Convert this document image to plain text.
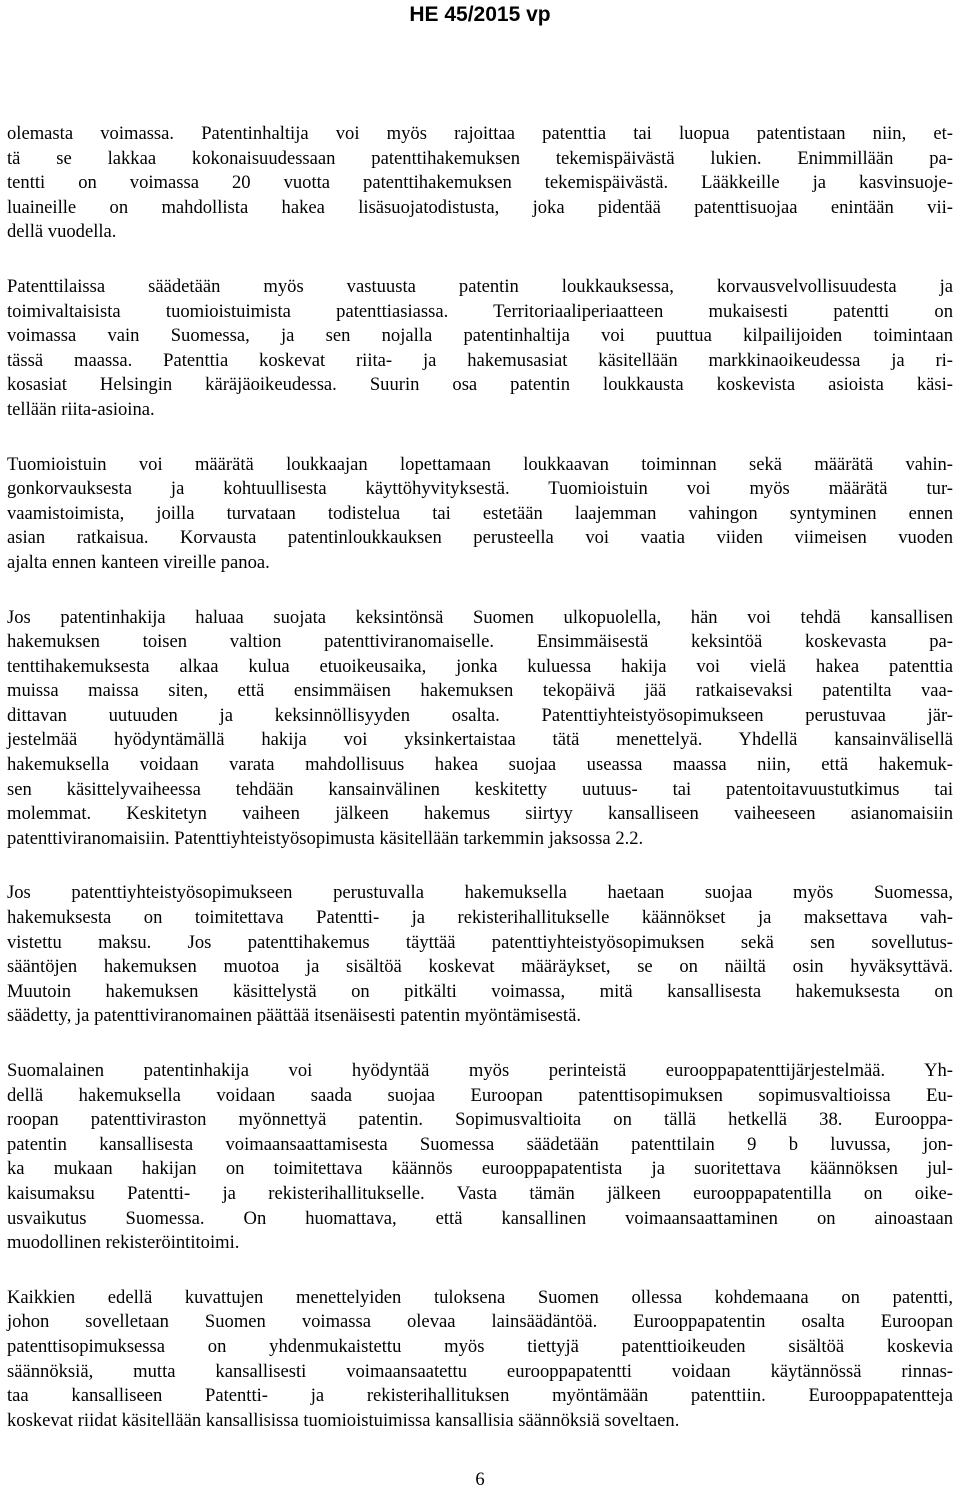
HE 45/2015 vp
olemasta voimassa. Patentinhaltija voi myös rajoittaa patenttia tai luopua patentistaan niin, et-
tä se lakkaa kokonaisuudessaan patenttihakemuksen tekemispäivästä lukien. Enimmillään pa-
tentti on voimassa 20 vuotta patenttihakemuksen tekemispäivästä. Lääkkeille ja kasvinsuoje-
luaineille on mahdollista hakea lisäsuojatodistusta, joka pidentää patenttisuojaa enintään vii-
dellä vuodella.
Patenttilaissa säädetään myös vastuusta patentin loukkauksessa, korvausvelvollisuudesta ja
toimivaltaisista tuomioistuimista patenttiasiassa. Territoriaaliperiaatteen mukaisesti patentti on
voimassa vain Suomessa, ja sen nojalla patentinhaltija voi puuttua kilpailijoiden toimintaan
tässä maassa. Patenttia koskevat riita- ja hakemusasiat käsitellään markkinaoikeudessa ja ri-
kosasiat Helsingin käräjäoikeudessa. Suurin osa patentin loukkausta koskevista asioista käsi-
tellään riita-asioina.
Tuomioistuin voi määrätä loukkaajan lopettamaan loukkaavan toiminnan sekä määrätä vahin-
gonkorvauksesta ja kohtuullisesta käyttöhyvityksestä. Tuomioistuin voi myös määrätä tur-
vaamistoimista, joilla turvataan todistelua tai estetään laajemman vahingon syntyminen ennen
asian ratkaisua. Korvausta patentinloukkauksen perusteella voi vaatia viiden viimeisen vuoden
ajalta ennen kanteen vireille panoa.
Jos patentinhakija haluaa suojata keksintönsä Suomen ulkopuolella, hän voi tehdä kansallisen
hakemuksen toisen valtion patenttiviranomaiselle. Ensimmäisestä keksintöä koskevasta pa-
tenttihakemuksesta alkaa kulua etuoikeusaika, jonka kuluessa hakija voi vielä hakea patenttia
muissa maissa siten, että ensimmäisen hakemuksen tekopäivä jää ratkaisevaksi patentilta vaa-
dittavan uutuuden ja keksinnöllisyyden osalta. Patenttiyhteistyösopimukseen perustuvaa jär-
jestelmää hyödyntämällä hakija voi yksinkertaistaa tätä menettelyä. Yhdellä kansainvälisellä
hakemuksella voidaan varata mahdollisuus hakea suojaa useassa maassa niin, että hakemuk-
sen käsittelyvaiheessa tehdään kansainvälinen keskitetty uutuus- tai patentoitavuustutkimus tai
molemmat. Keskitetyn vaiheen jälkeen hakemus siirtyy kansalliseen vaiheeseen asianomaisiin
patenttiviranomaisiin. Patenttiyhteistyösopimusta käsitellään tarkemmin jaksossa 2.2.
Jos patenttiyhteistyösopimukseen perustuvalla hakemuksella haetaan suojaa myös Suomessa,
hakemuksesta on toimitettava Patentti- ja rekisterihallitukselle käännökset ja maksettava vah-
vistettu maksu. Jos patenttihakemus täyttää patenttiyhteistyösopimuksen sekä sen sovellutus-
sääntöjen hakemuksen muotoa ja sisältöä koskevat määräykset, se on näiltä osin hyväksyttävä.
Muutoin hakemuksen käsittelystä on pitkälti voimassa, mitä kansallisesta hakemuksesta on
säädetty, ja patenttiviranomainen päättää itsenäisesti patentin myöntämisestä.
Suomalainen patentinhakija voi hyödyntää myös perinteistä eurooppapatenttijärjestelmää. Yh-
dellä hakemuksella voidaan saada suojaa Euroopan patenttisopimuksen sopimusvaltioissa Eu-
roopan patenttiviraston myönnettyä patentin. Sopimusvaltioita on tällä hetkellä 38. Eurooppa-
patentin kansallisesta voimaansaattamisesta Suomessa säädetään patenttilain 9 b luvussa, jon-
ka mukaan hakijan on toimitettava käännös eurooppapatentista ja suoritettava käännöksen jul-
kaisumaksu Patentti- ja rekisterihallitukselle. Vasta tämän jälkeen eurooppapatentilla on oike-
usvaikutus Suomessa. On huomattava, että kansallinen voimaansaattaminen on ainoastaan
muodollinen rekisteröintitoimi.
Kaikkien edellä kuvattujen menettelyiden tuloksena Suomen ollessa kohdemaana on patentti,
johon sovelletaan Suomen voimassa olevaa lainsäädäntöä. Eurooppapatentin osalta Euroopan
patenttisopimuksessa on yhdenmukaistettu myös tiettyjä patenttioikeuden sisältöä koskevia
säännöksiä, mutta kansallisesti voimaansaatettu eurooppapatentti voidaan käytännössä rinnas-
taa kansalliseen Patentti- ja rekisterihallituksen myöntämään patenttiin. Eurooppapatentteja
koskevat riidat käsitellään kansallisissa tuomioistuimissa kansallisia säännöksiä soveltaen.
6
